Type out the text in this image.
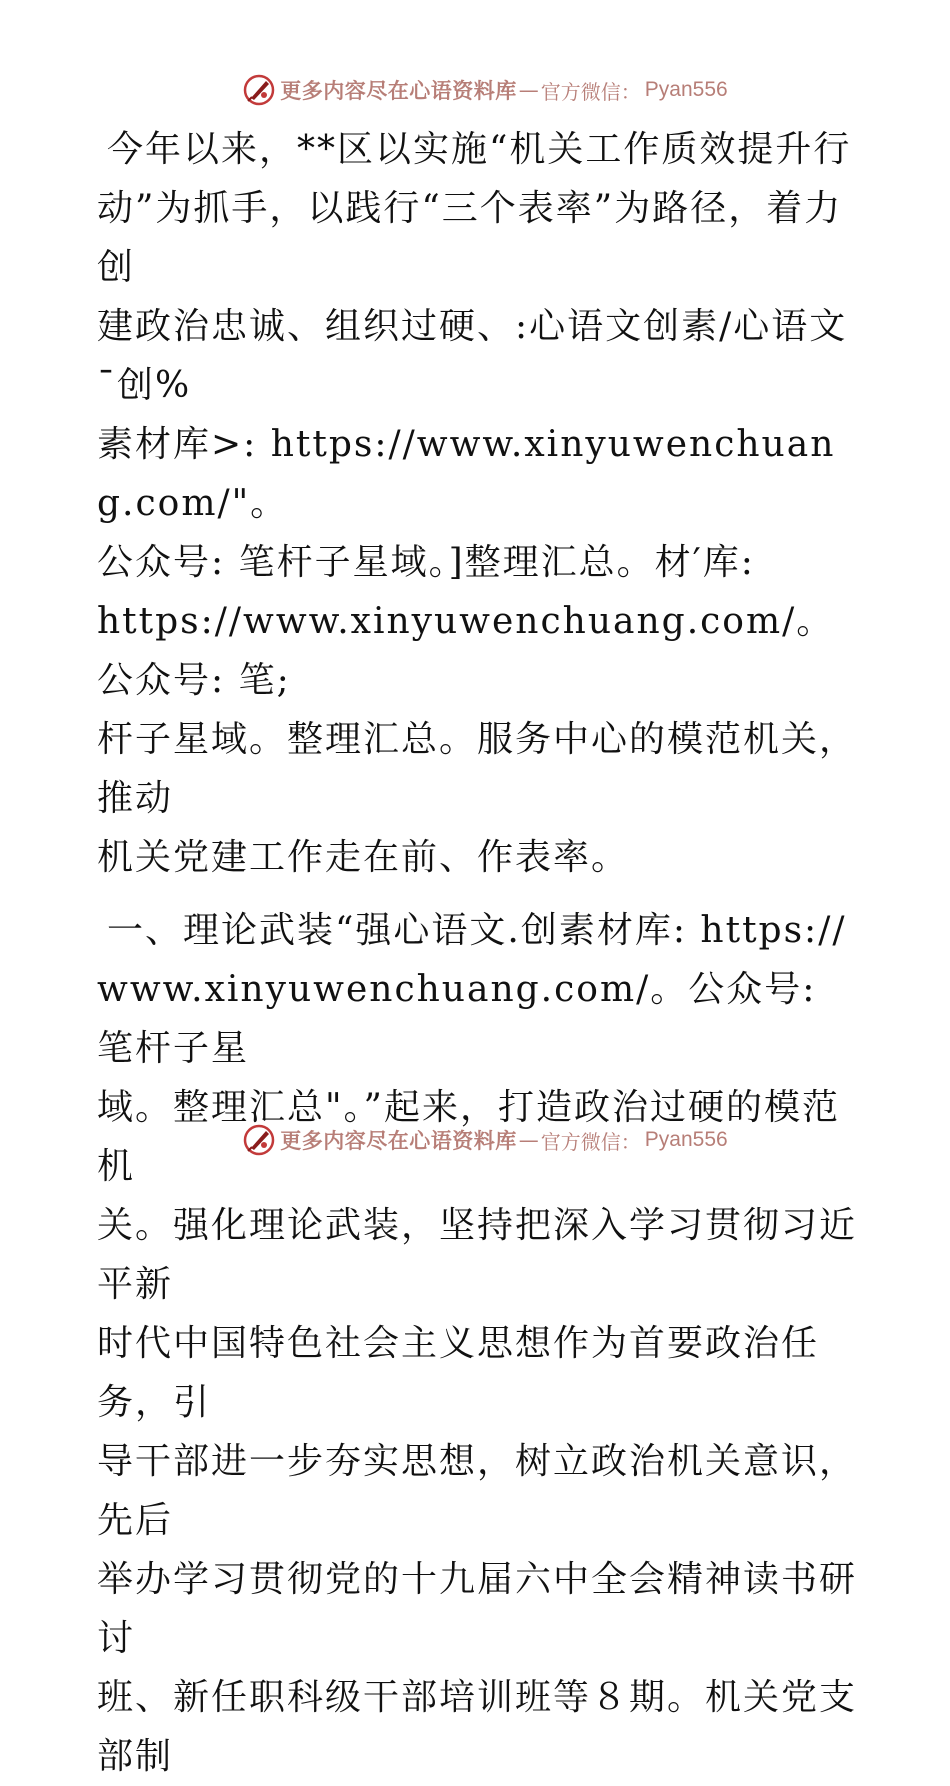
更多内容尽在心语资料库 — 官方微信： Pyan556

今年以来，**区以实施“机关工作质效提升行
动”为抓手，以践行“三个表率”为路径，着力创
建政治忠诚、组织过硬、:心语文创素/心语文¯创%
素材库>: https://www.xinyuwenchuang.com/"。
公众号: 笔杆子星域。]整理汇总。材′库:
https://www.xinyuwenchuang.com/。公众号: 笔;
杆子星域。整理汇总。服务中心的模范机关，推动
机关党建工作走在前、作表率。

一、理论武装“强心语文.创素材库: https://
www.xinyuwenchuang.com/。公众号: 笔杆子星
域。整理汇总"。”起来，打造政治过硬的模范机
关。强化理论武装，坚持把深入学习贯彻习近平新
时代中国特色社会主义思想作为首要政治任务，引
导干部进一步夯实思想，树立政治机关意识，先后
举办学习贯彻党的十九届六中全会精神读书研讨
班、新任职科级干部培训班等８期。机关党支部制

更多内容尽在心语资料库 — 官方微信： Pyan556
